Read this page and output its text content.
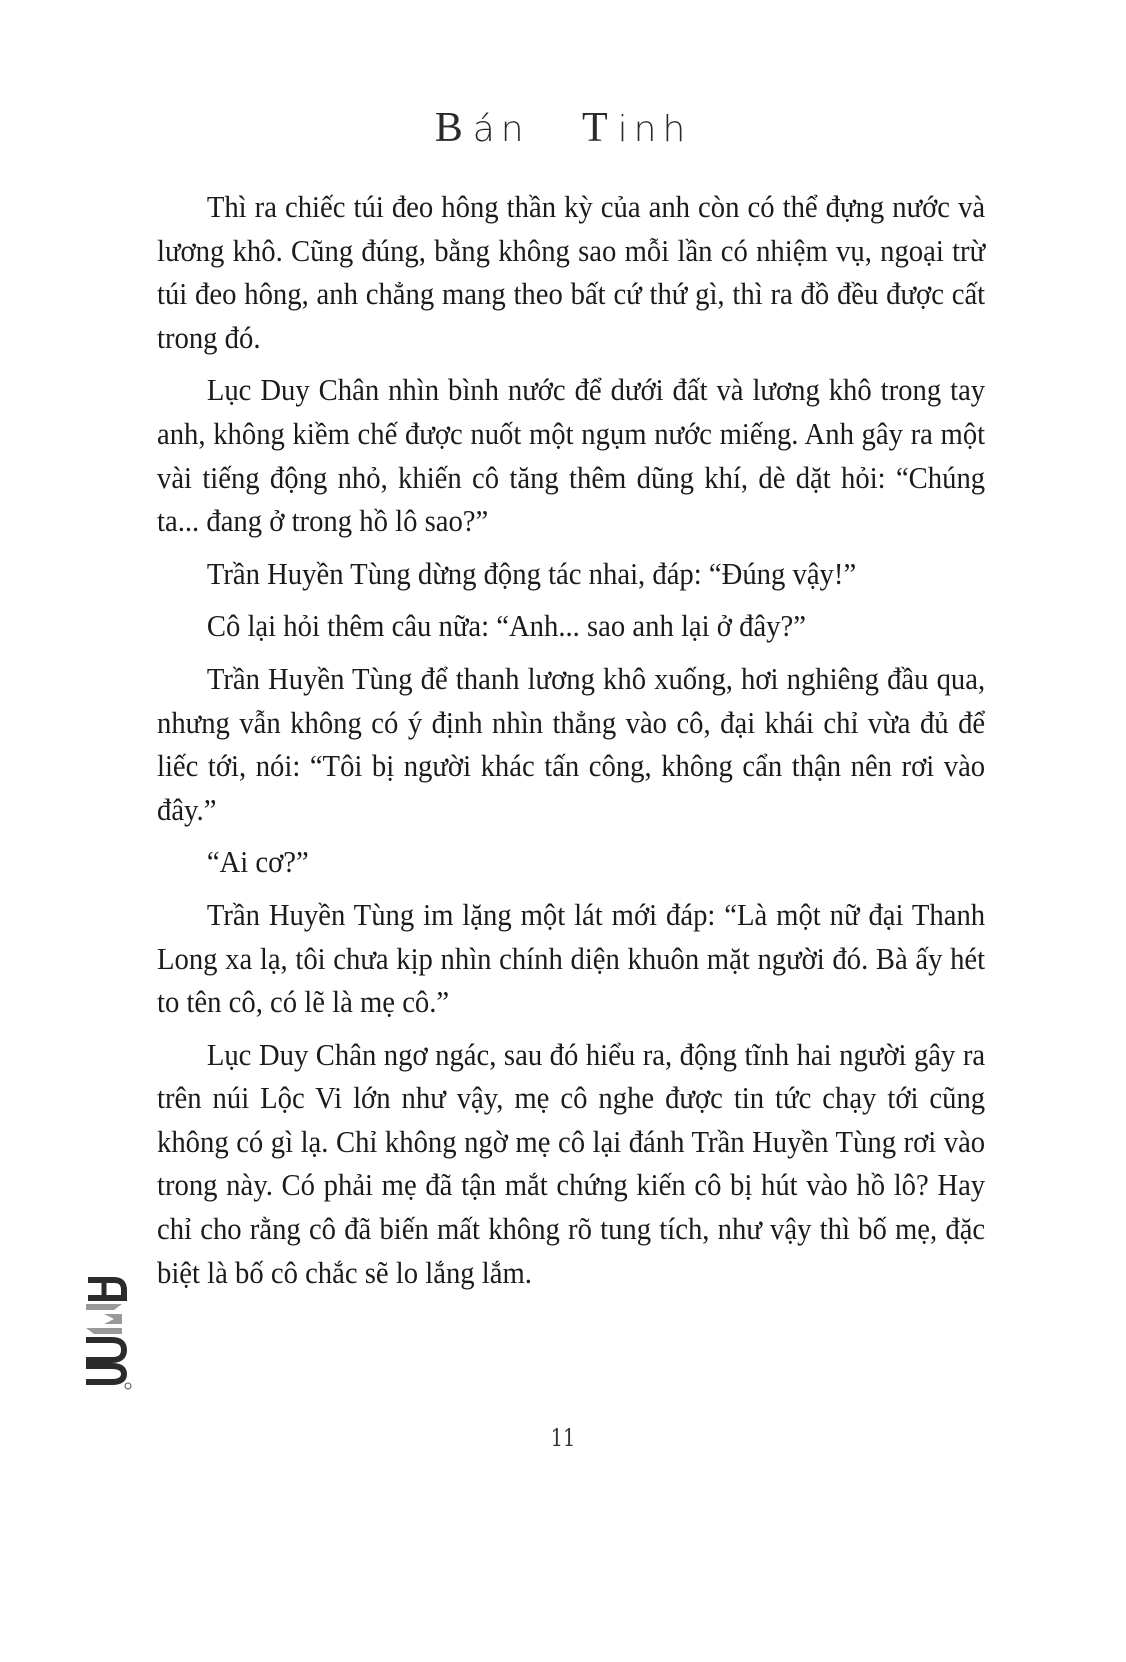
Bán Tinh

Thì ra chiếc túi đeo hông thần kỳ của anh còn có thể đựng nước và lương khô. Cũng đúng, bằng không sao mỗi lần có nhiệm vụ, ngoại trừ túi đeo hông, anh chẳng mang theo bất cứ thứ gì, thì ra đồ đều được cất trong đó.

Lục Duy Chân nhìn bình nước để dưới đất và lương khô trong tay anh, không kiềm chế được nuốt một ngụm nước miếng. Anh gây ra một vài tiếng động nhỏ, khiến cô tăng thêm dũng khí, dè dặt hỏi: “Chúng ta... đang ở trong hồ lô sao?”

Trần Huyền Tùng dừng động tác nhai, đáp: “Đúng vậy!”

Cô lại hỏi thêm câu nữa: “Anh... sao anh lại ở đây?”

Trần Huyền Tùng để thanh lương khô xuống, hơi nghiêng đầu qua, nhưng vẫn không có ý định nhìn thẳng vào cô, đại khái chỉ vừa đủ để liếc tới, nói: “Tôi bị người khác tấn công, không cẩn thận nên rơi vào đây.”

“Ai cơ?”

Trần Huyền Tùng im lặng một lát mới đáp: “Là một nữ đại Thanh Long xa lạ, tôi chưa kịp nhìn chính diện khuôn mặt người đó. Bà ấy hét to tên cô, có lẽ là mẹ cô.”

Lục Duy Chân ngơ ngác, sau đó hiểu ra, động tĩnh hai người gây ra trên núi Lộc Vi lớn như vậy, mẹ cô nghe được tin tức chạy tới cũng không có gì lạ. Chỉ không ngờ mẹ cô lại đánh Trần Huyền Tùng rơi vào trong này. Có phải mẹ đã tận mắt chứng kiến cô bị hút vào hồ lô? Hay chỉ cho rằng cô đã biến mất không rõ tung tích, như vậy thì bố mẹ, đặc biệt là bố cô chắc sẽ lo lắng lắm.

11
